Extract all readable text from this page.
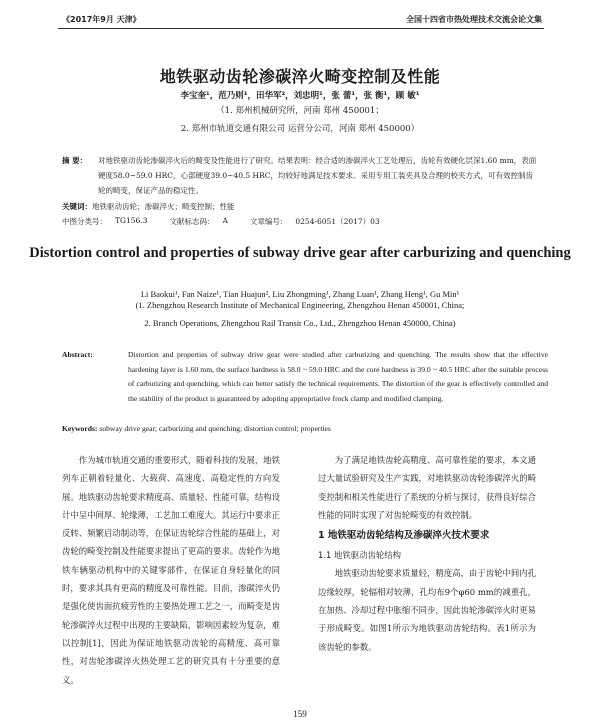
《2017年9月 天津》	全国十四省市热处理技术交流会论文集
地铁驱动齿轮渗碳淬火畸变控制及性能
李宝奎¹，范乃则¹，田华军²，刘忠明¹，张 蕾¹，张 衡¹，顾 敏¹
（1. 郑州机械研究所，河南 郑州 450001；
2. 郑州市轨道交通有限公司 运营分公司，河南 郑州 450000）
摘 要：	对地铁驱动齿轮渗碳淬火后的畸变及性能进行了研究。结果表明：经合适的渗碳淬火工艺处理后，齿轮有效硬化层深1.60 mm，表面硬度58.0~59.0 HRC，心部硬度39.0~40.5 HRC，均较好地满足技术要求。采用专用工装夹具及合理的校夹方式，可有效控制齿轮的畸变，保证产品的稳定性。
关键词：地铁驱动齿轮；渗碳淬火；畸变控制；性能
中图分类号： TG156.3	文献标志码： A	文章编号： 0254-6051（2017）03
Distortion control and properties of subway drive gear after carburizing and quenching
Li Baokui¹, Fan Naize¹, Tian Huajun², Liu Zhongming¹, Zhang Luan¹, Zhang Heng¹, Gu Min¹
(1. Zhengzhou Research Institute of Mechanical Engineering, Zhengzhou Henan 450001, China;
2. Branch Operations, Zhengzhou Rail Transit Co., Ltd., Zhengzhou Henan 450000, China)
Abstract:	Distortion and properties of subway drive gear were studied after carburizing and quenching. The results show that the effective hardening layer is 1.60 mm, the surface hardness is 58.0 ~ 59.0 HRC and the core hardness is 39.0 ~ 40.5 HRC after the suitable process of carburizing and quenching, which can better satisfy the technical requirements. The distortion of the gear is effectively controlled and the stability of the product is guaranteed by adopting appropriative frock clamp and modified clamping.
Keywords: subway drive gear; carburizing and quenching; distortion control; properties

作为城市轨道交通的重要形式，随着科技的发展，地铁列车正朝着轻量化、大载荷、高速度、高稳定性的方向发展。地铁驱动齿轮要求精度高、质量轻、性能可靠，结构设计中呈中间厚、轮缘薄，工艺加工难度大。其运行中要求正反转、频繁启动制动等，在保证齿轮综合性能的基础上，对齿轮的畸变控制及性能要求提出了更高的要求。齿轮作为地铁车辆驱动机构中的关键零部件，在保证自身轻量化的同时，要求其具有更高的精度及可靠性能。目前，渗碳淬火仍是强化使齿面抗疲劳性的主要热处理工艺之一，而畸变是齿轮渗碳淬火过程中出现的主要缺陷，影响因素较为复杂，难以控制[1]，因此为保证地铁驱动齿轮的高精度、高可靠性，对齿轮渗碳淬火热处理工艺的研究具有十分重要的意义。

为了满足地铁齿轮高精度、高可靠性能的要求，本文通过大量试验研究及生产实践，对地铁驱动齿轮渗碳淬火的畸变控制和相关性能进行了系统的分析与探讨，获得良好综合性能的同时实现了对齿轮畸变的有效控制。

1 地铁驱动齿轮结构及渗碳淬火技术要求
1.1 地铁驱动齿轮结构

地铁驱动齿轮要求质量轻，精度高，由于齿轮中间内孔边缘较厚，轮辐相对较薄，孔均布9个φ60 mm的减重孔，在加热、冷却过程中胀缩不同步，因此齿轮渗碳淬火时更易于形成畸变。如图1所示为地铁驱动齿轮结构。表1所示为该齿轮的参数。

159
